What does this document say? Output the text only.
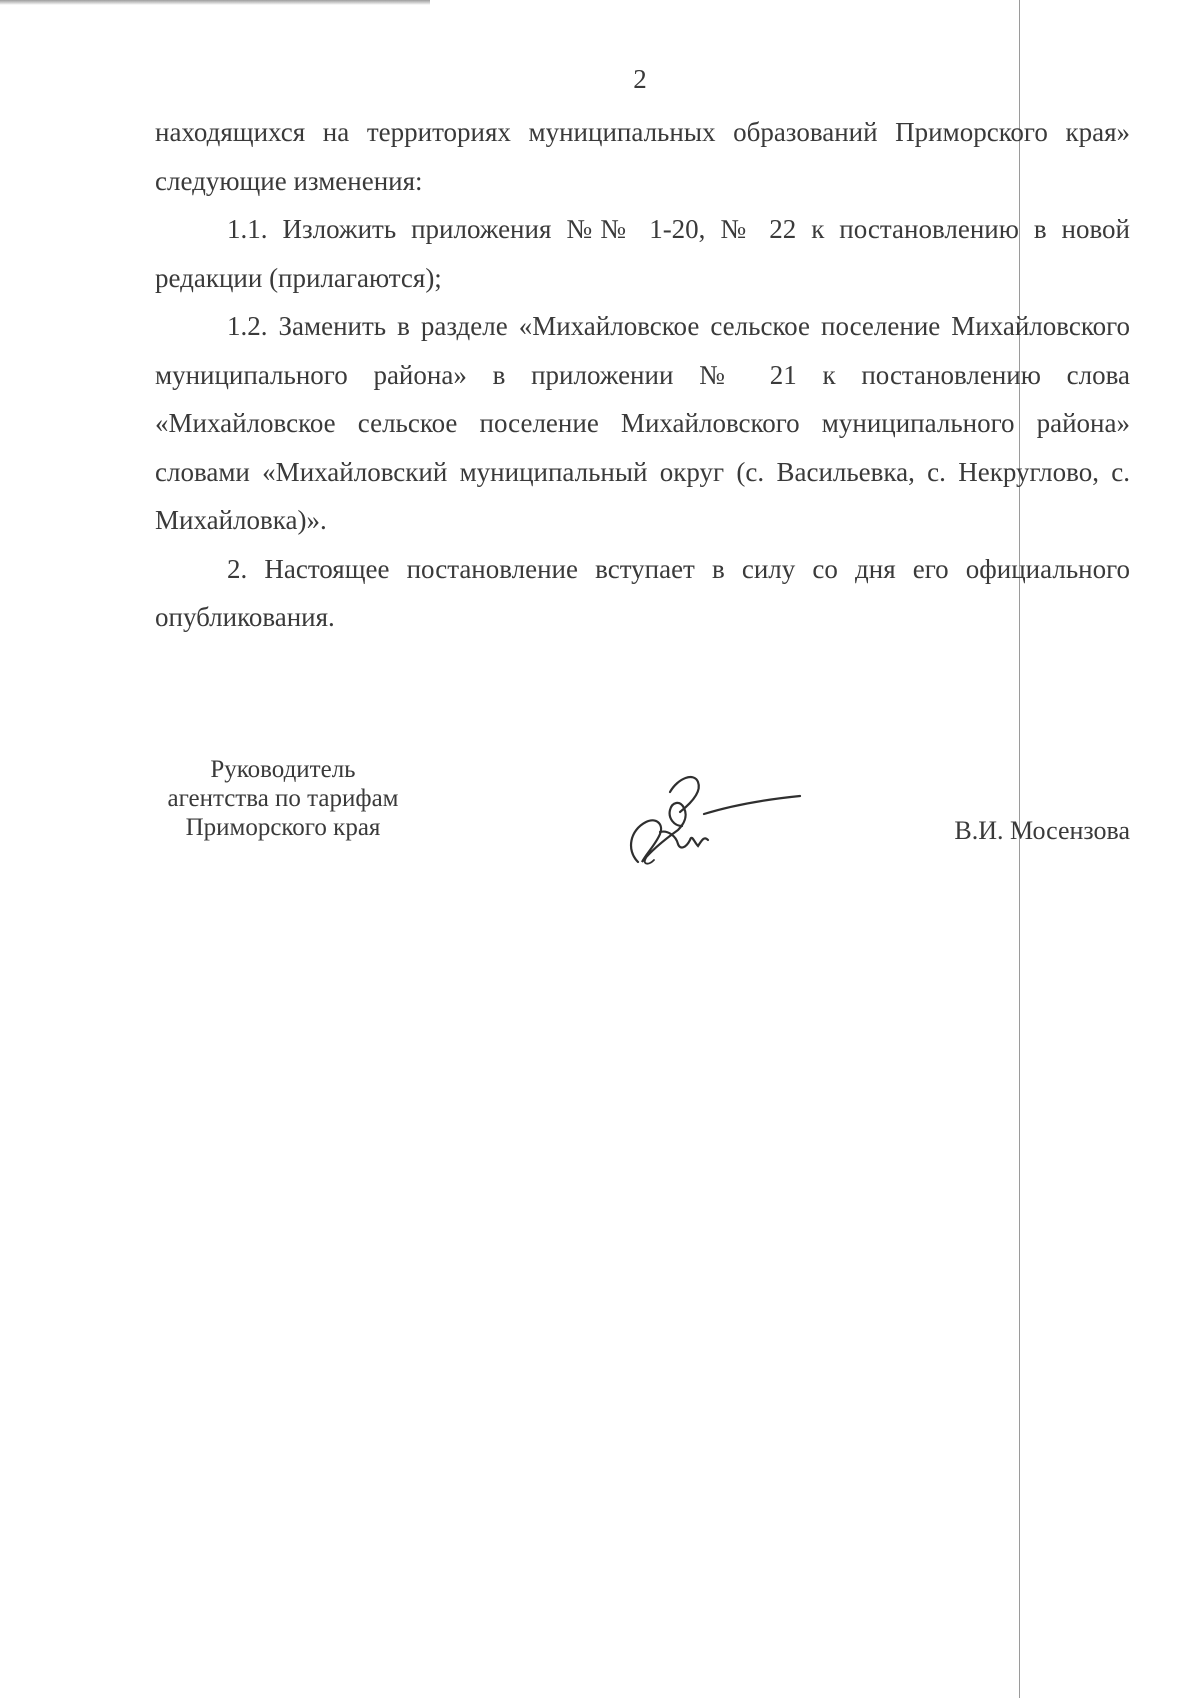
2

находящихся на территориях муниципальных образований Приморского края» следующие изменения:

1.1. Изложить приложения №№ 1-20, № 22 к постановлению в новой редакции (прилагаются);

1.2. Заменить в разделе «Михайловское сельское поселение Михайловского муниципального района» в приложении № 21 к постановлению слова «Михайловское сельское поселение Михайловского муниципального района» словами «Михайловский муниципальный округ (с. Васильевка, с. Некруглово, с. Михайловка)».

2. Настоящее постановление вступает в силу со дня его официального опубликования.

Руководитель
агентства по тарифам
Приморского края	В.И. Мосензова
